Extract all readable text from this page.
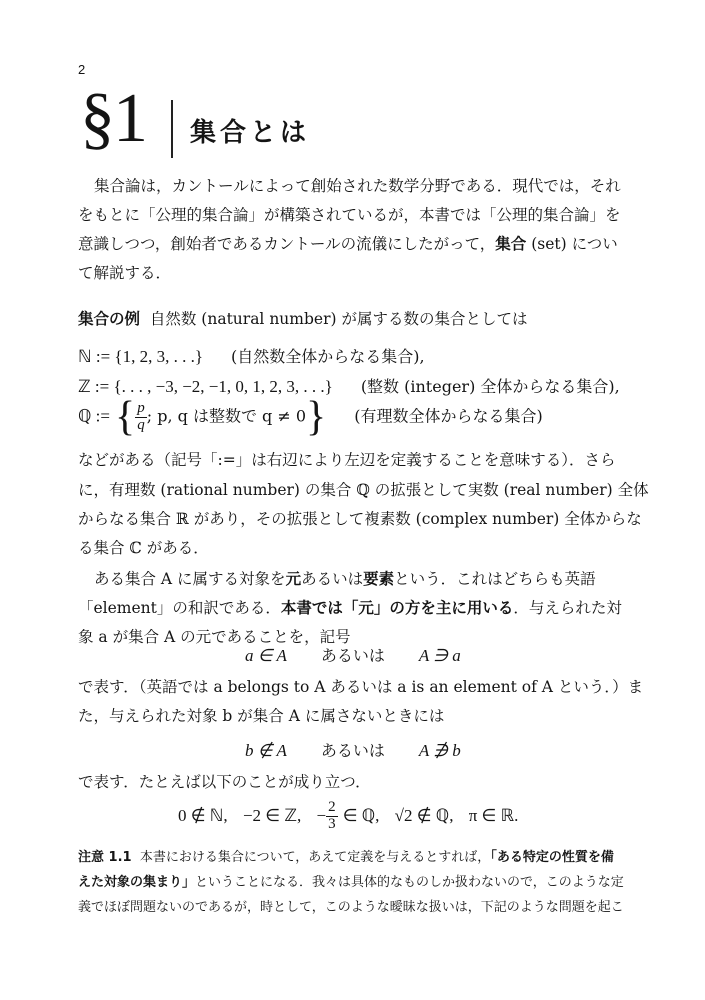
2
§1 集合とは
集合論は，カントールによって創始された数学分野である．現代では，それ
をもとに「公理的集合論」が構築されているが，本書では「公理的集合論」を
意識しつつ，創始者であるカントールの流儀にしたがって，集合 (set) につい
て解説する．
集合の例 自然数 (natural number) が属する数の集合としては
ℕ := {1, 2, 3, . . .} (自然数全体からなる集合),
ℤ := {. . . , −3, −2, −1, 0, 1, 2, 3, . . .} (整数 (integer) 全体からなる集合),
ℚ := { $\frac{p}{q}$ ; p, q は整数で q ≠ 0} (有理数全体からなる集合)
などがある（記号「:=」は右辺により左辺を定義することを意味する）．さら
に，有理数 (rational number) の集合 ℚ の拡張として実数 (real number) 全体
からなる集合 ℝ があり，その拡張として複素数 (complex number) 全体からな
る集合 ℂ がある．
ある集合 A に属する対象を元あるいは要素という．これはどちらも英語
「element」の和訳である．本書では「元」の方を主に用いる．与えられた対
象 a が集合 A の元であることを，記号
a ∈ A あるいは A ∋ a
で表す．（英語では a belongs to A あるいは a is an element of A という．）ま
た，与えられた対象 b が集合 A に属さないときには
b ∉ A あるいは A ∌ b
で表す．たとえば以下のことが成り立つ．
0 ∉ ℕ, −2 ∈ ℤ, − $\frac{2}{3}$ ∈ ℚ, √2 ∉ ℚ, π ∈ ℝ.
注意 1.1 本書における集合について，あえて定義を与えるとすれば，「ある特定の性質を備
えた対象の集まり」ということになる．我々は具体的なものしか扱わないので，このような定
義でほぼ問題ないのであるが，時として，このような曖昧な扱いは，下記のような問題を起こ
